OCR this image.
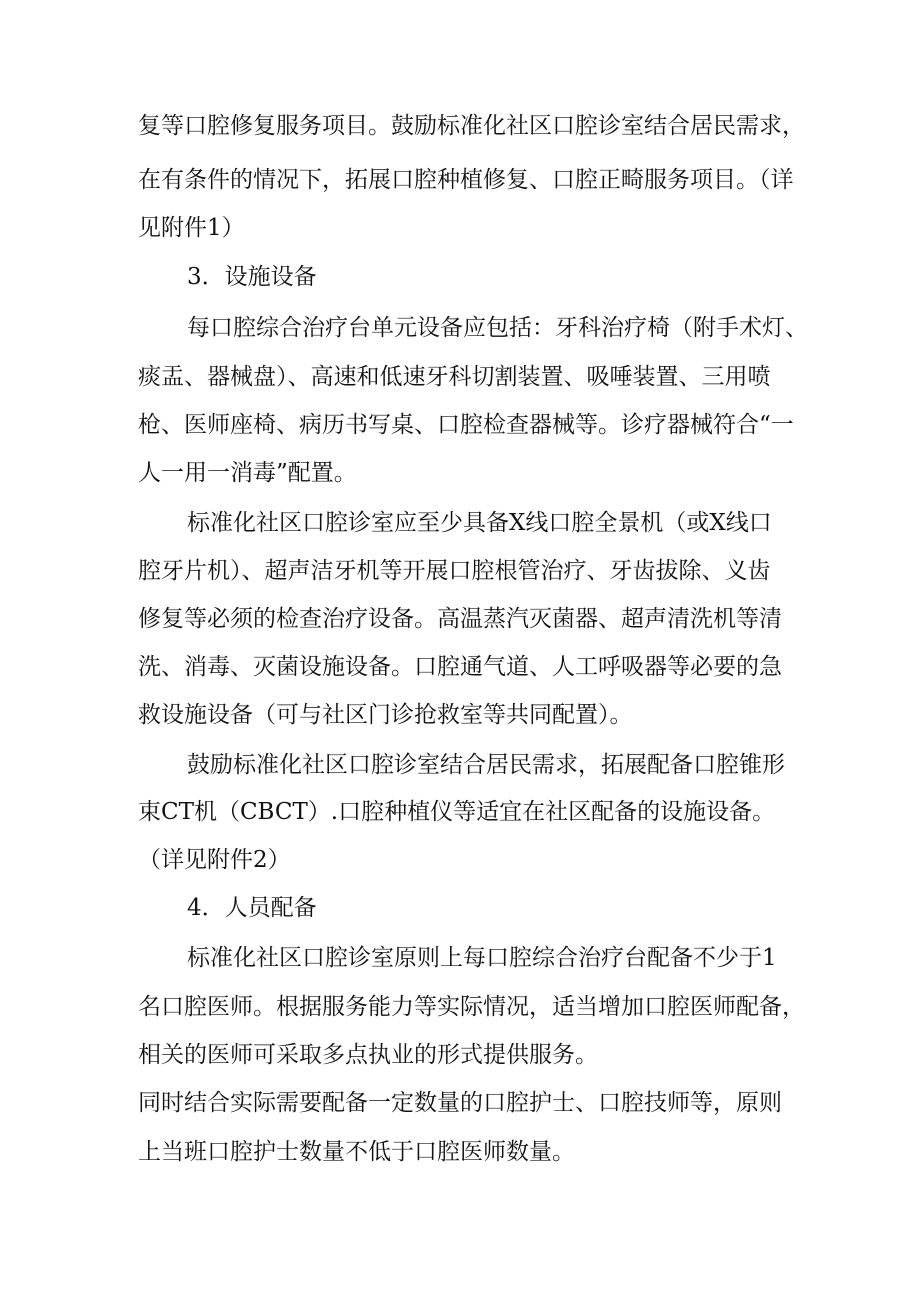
复等口腔修复服务项目。鼓励标准化社区口腔诊室结合居民需求，
在有条件的情况下，拓展口腔种植修复、口腔正畸服务项目。（详
见附件1）
3．设施设备
每口腔综合治疗台单元设备应包括：牙科治疗椅（附手术灯、
痰盂、器械盘）、高速和低速牙科切割装置、吸唾装置、三用喷
枪、医师座椅、病历书写桌、口腔检查器械等。诊疗器械符合“一
人一用一消毒”配置。
标准化社区口腔诊室应至少具备X线口腔全景机（或X线口
腔牙片机）、超声洁牙机等开展口腔根管治疗、牙齿拔除、义齿
修复等必须的检查治疗设备。高温蒸汽灭菌器、超声清洗机等清
洗、消毒、灭菌设施设备。口腔通气道、人工呼吸器等必要的急
救设施设备（可与社区门诊抢救室等共同配置）。
鼓励标准化社区口腔诊室结合居民需求，拓展配备口腔锥形
束CT机（CBCT）.口腔种植仪等适宜在社区配备的设施设备。
（详见附件2）
4．人员配备
标准化社区口腔诊室原则上每口腔综合治疗台配备不少于1
名口腔医师。根据服务能力等实际情况，适当增加口腔医师配备，
相关的医师可采取多点执业的形式提供服务。
同时结合实际需要配备一定数量的口腔护士、口腔技师等，原则
上当班口腔护士数量不低于口腔医师数量。
